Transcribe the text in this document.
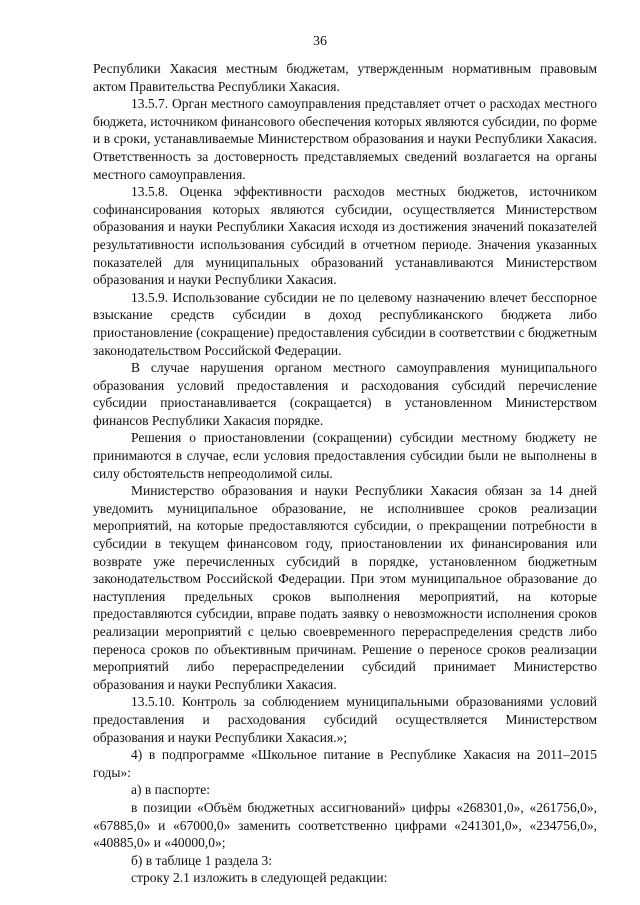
36

Республики Хакасия местным бюджетам, утвержденным нормативным правовым актом Правительства Республики Хакасия.

13.5.7. Орган местного самоуправления представляет отчет о расходах местного бюджета, источником финансового обеспечения которых являются субсидии, по форме и в сроки, устанавливаемые Министерством образования и науки Республики Хакасия. Ответственность за достоверность представляемых сведений возлагается на органы местного самоуправления.

13.5.8. Оценка эффективности расходов местных бюджетов, источником софинансирования которых являются субсидии, осуществляется Министерством образования и науки Республики Хакасия исходя из достижения значений показателей результативности использования субсидий в отчетном периоде. Значения указанных показателей для муниципальных образований устанавливаются Министерством образования и науки Республики Хакасия.

13.5.9. Использование субсидии не по целевому назначению влечет бесспорное взыскание средств субсидии в доход республиканского бюджета либо приостановление (сокращение) предоставления субсидии в соответствии с бюджетным законодательством Российской Федерации.

В случае нарушения органом местного самоуправления муниципального образования условий предоставления и расходования субсидий перечисление субсидии приостанавливается (сокращается) в установленном Министерством финансов Республики Хакасия порядке.

Решения о приостановлении (сокращении) субсидии местному бюджету не принимаются в случае, если условия предоставления субсидии были не выполнены в силу обстоятельств непреодолимой силы.

Министерство образования и науки Республики Хакасия обязан за 14 дней уведомить муниципальное образование, не исполнившее сроков реализации мероприятий, на которые предоставляются субсидии, о прекращении потребности в субсидии в текущем финансовом году, приостановлении их финансирования или возврате уже перечисленных субсидий в порядке, установленном бюджетным законодательством Российской Федерации. При этом муниципальное образование до наступления предельных сроков выполнения мероприятий, на которые предоставляются субсидии, вправе подать заявку о невозможности исполнения сроков реализации мероприятий с целью своевременного перераспределения средств либо переноса сроков по объективным причинам. Решение о переносе сроков реализации мероприятий либо перераспределении субсидий принимает Министерство образования и науки Республики Хакасия.

13.5.10. Контроль за соблюдением муниципальными образованиями условий предоставления и расходования субсидий осуществляется Министерством образования и науки Республики Хакасия.»;

4) в подпрограмме «Школьное питание в Республике Хакасия на 2011–2015 годы»:

а) в паспорте:

в позиции «Объём бюджетных ассигнований» цифры «268301,0», «261756,0», «67885,0» и «67000,0» заменить соответственно цифрами «241301,0», «234756,0», «40885,0» и «40000,0»;

б) в таблице 1 раздела 3:

строку 2.1 изложить в следующей редакции:
